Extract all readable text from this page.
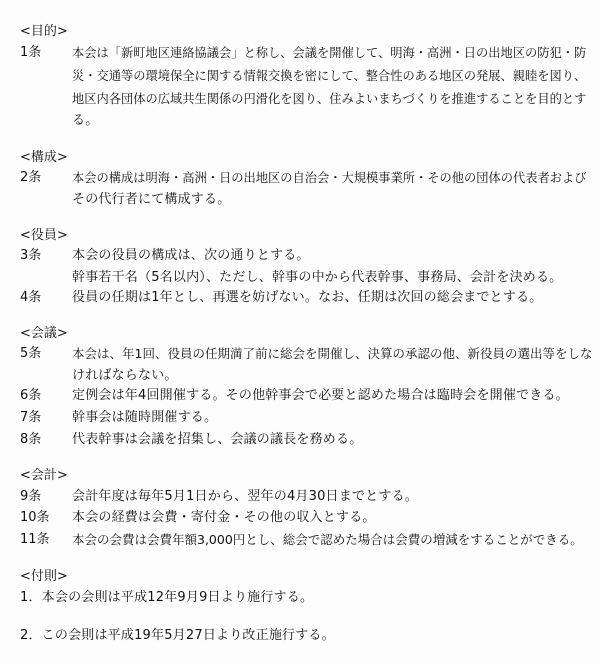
<目的>
1条	本会は「新町地区連絡協議会」と称し、会議を開催して、明海・高洲・日の出地区の防犯・防
災・交通等の環境保全に関する情報交換を密にして、整合性のある地区の発展、親睦を図り、
地区内各団体の広域共生関係の円滑化を図り、住みよいまちづくりを推進することを目的とす
る。
<構成>
2条	本会の構成は明海・高洲・日の出地区の自治会・大規模事業所・その他の団体の代表者および
その代行者にて構成する。
<役員>
3条 本会の役員の構成は、次の通りとする。
幹事若干名（5名以内）、ただし、幹事の中から代表幹事、事務局、会計を決める。
4条 役員の任期は1年とし、再選を妨げない。なお、任期は次回の総会までとする。
<会議>
5条 本会は、年1回、役員の任期満了前に総会を開催し、決算の承認の他、新役員の選出等をしな
ければならない。
6条 定例会は年4回開催する。その他幹事会で必要と認めた場合は臨時会を開催できる。
7条 幹事会は随時開催する。
8条 代表幹事は会議を招集し、会議の議長を務める。
<会計>
9条 会計年度は毎年5月1日から、翌年の4月30日までとする。
10条 本会の経費は会費・寄付金・その他の収入とする。
11条 本会の会費は会費年額3,000円とし、総会で認めた場合は会費の増減をすることができる。
<付則>
1．本会の会則は平成12年9月9日より施行する。
2．この会則は平成19年5月27日より改正施行する。
